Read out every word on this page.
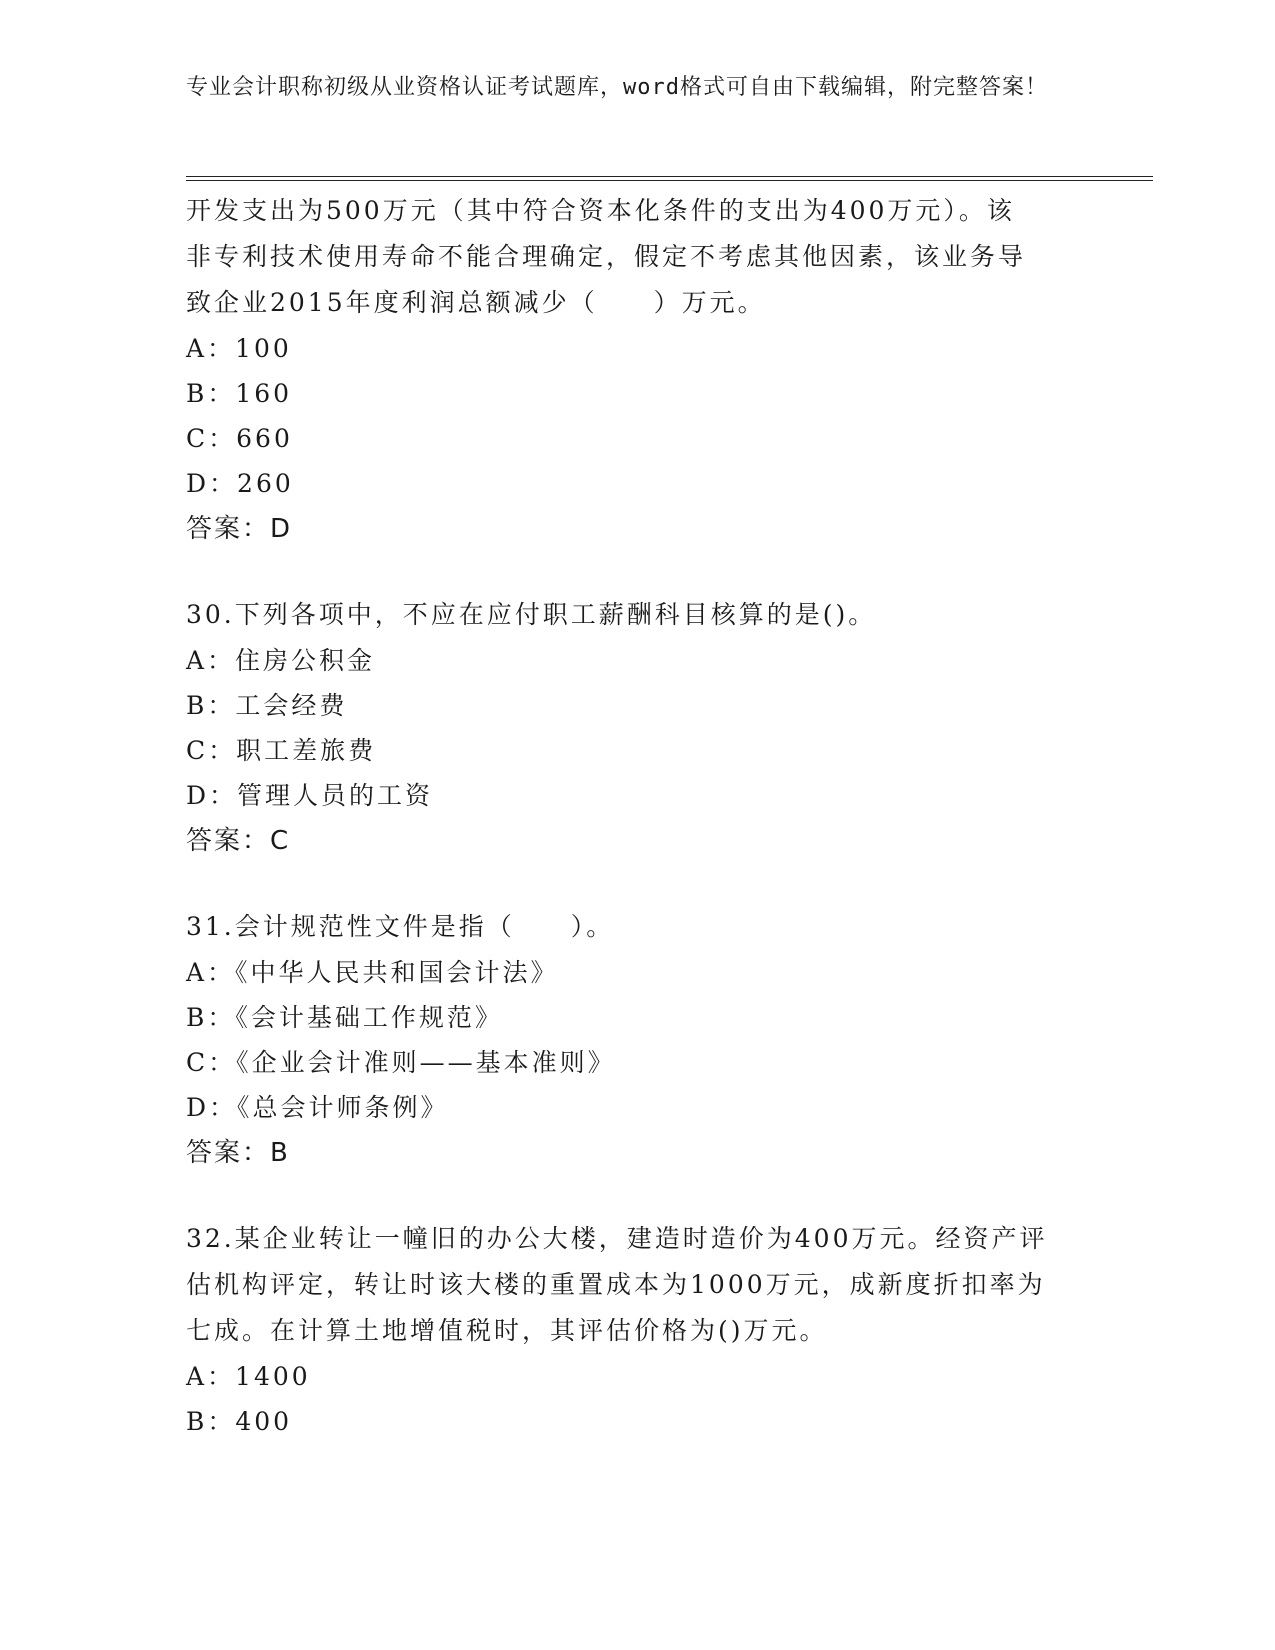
专业会计职称初级从业资格认证考试题库，word格式可自由下载编辑，附完整答案！

开发支出为500万元（其中符合资本化条件的支出为400万元）。该

非专利技术使用寿命不能合理确定，假定不考虑其他因素，该业务导

致企业2015年度利润总额减少（　　）万元。

A：100

B：160

C：660

D：260

答案：D

30.下列各项中，不应在应付职工薪酬科目核算的是()。

A：住房公积金

B：工会经费

C：职工差旅费

D：管理人员的工资

答案：C

31.会计规范性文件是指（　　）。

A：《中华人民共和国会计法》

B：《会计基础工作规范》

C：《企业会计准则——基本准则》

D：《总会计师条例》

答案：B

32.某企业转让一幢旧的办公大楼，建造时造价为400万元。经资产评

估机构评定，转让时该大楼的重置成本为1000万元，成新度折扣率为

七成。在计算土地增值税时，其评估价格为()万元。

A：1400

B：400
